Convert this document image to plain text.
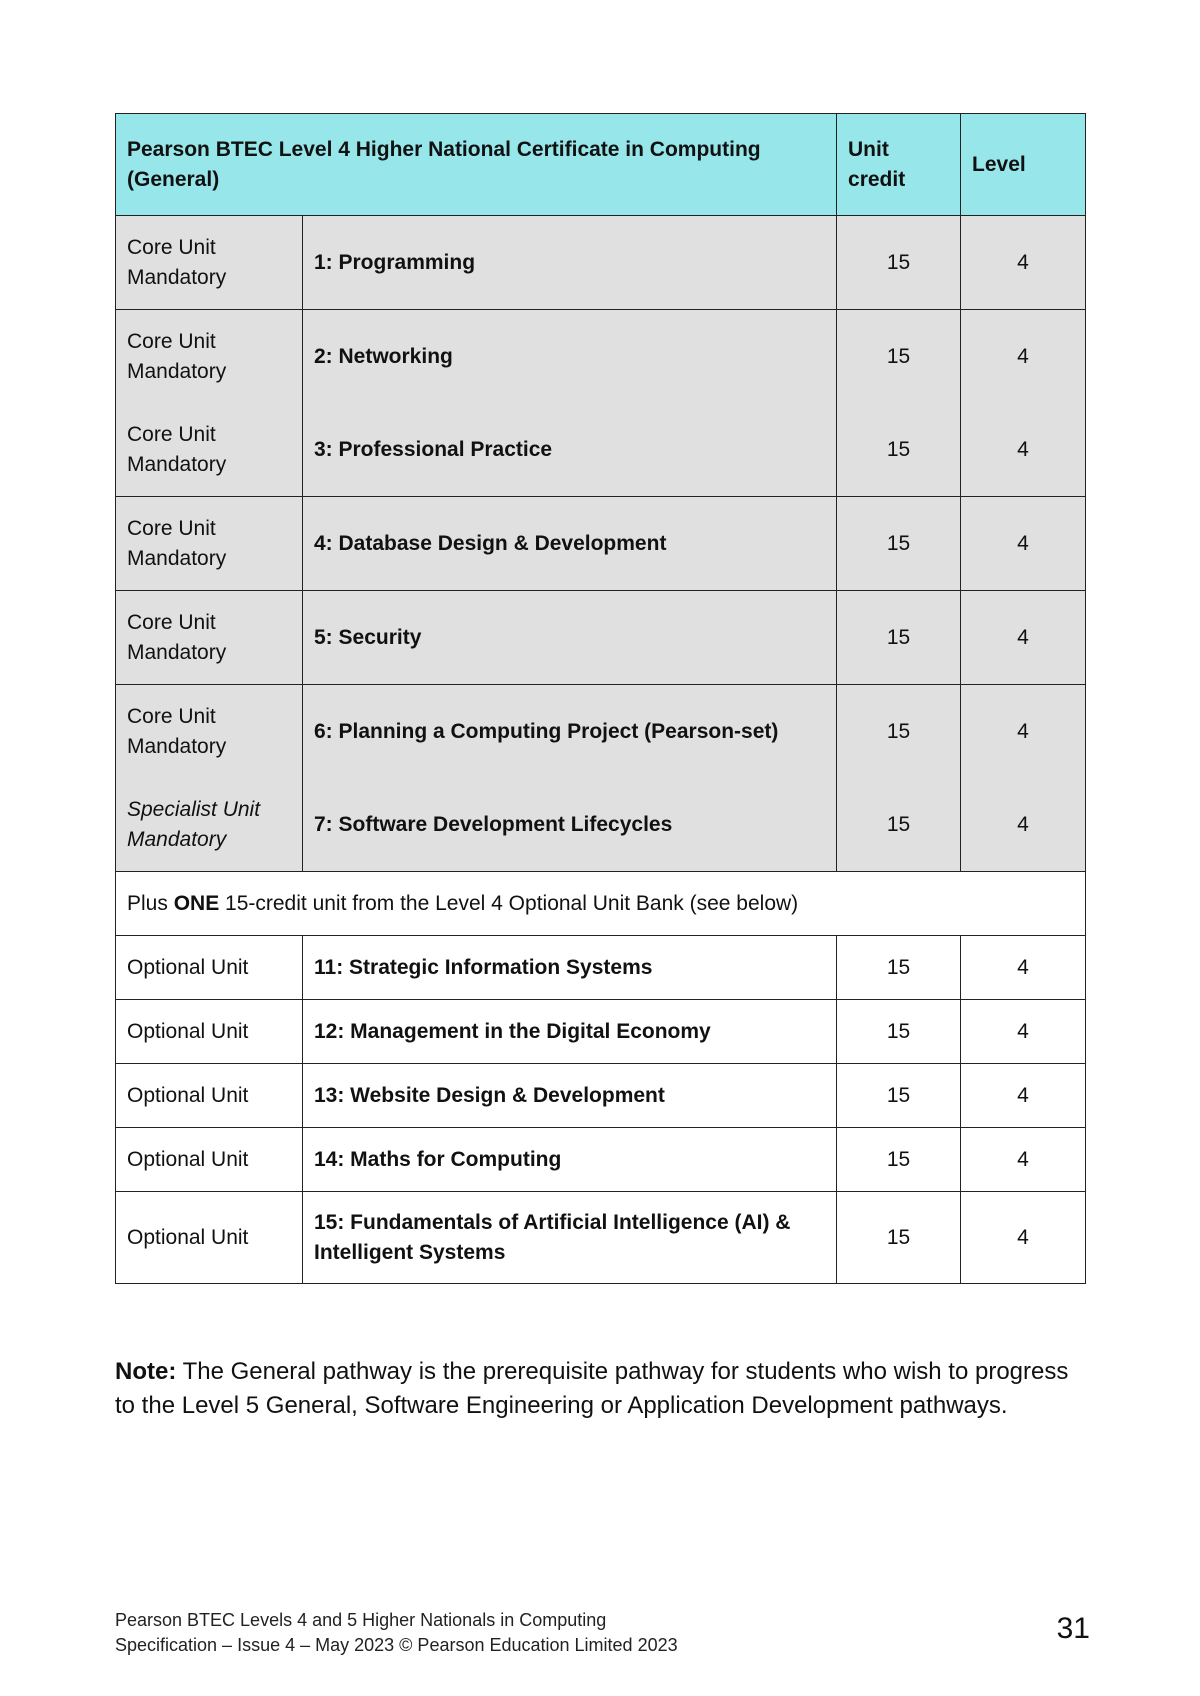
Pearson BTEC Level 4 Higher National Certificate in Computing (General)		Unit credit	Level
Core Unit
Mandatory	1: Programming	15	4
Core Unit
Mandatory	2: Networking	15	4
Core Unit
Mandatory	3: Professional Practice	15	4
Core Unit
Mandatory	4: Database Design & Development	15	4
Core Unit
Mandatory	5: Security	15	4
Core Unit
Mandatory	6: Planning a Computing Project (Pearson-set)	15	4
Specialist Unit
Mandatory	7: Software Development Lifecycles	15	4
Plus ONE 15-credit unit from the Level 4 Optional Unit Bank (see below)			
Optional Unit	11: Strategic Information Systems	15	4
Optional Unit	12: Management in the Digital Economy	15	4
Optional Unit	13: Website Design & Development	15	4
Optional Unit	14: Maths for Computing	15	4
Optional Unit	15: Fundamentals of Artificial Intelligence (AI) & Intelligent Systems	15	4
Note: The General pathway is the prerequisite pathway for students who wish to progress to the Level 5 General, Software Engineering or Application Development pathways.
Pearson BTEC Levels 4 and 5 Higher Nationals in Computing
Specification – Issue 4 – May 2023 © Pearson Education Limited 2023	31
